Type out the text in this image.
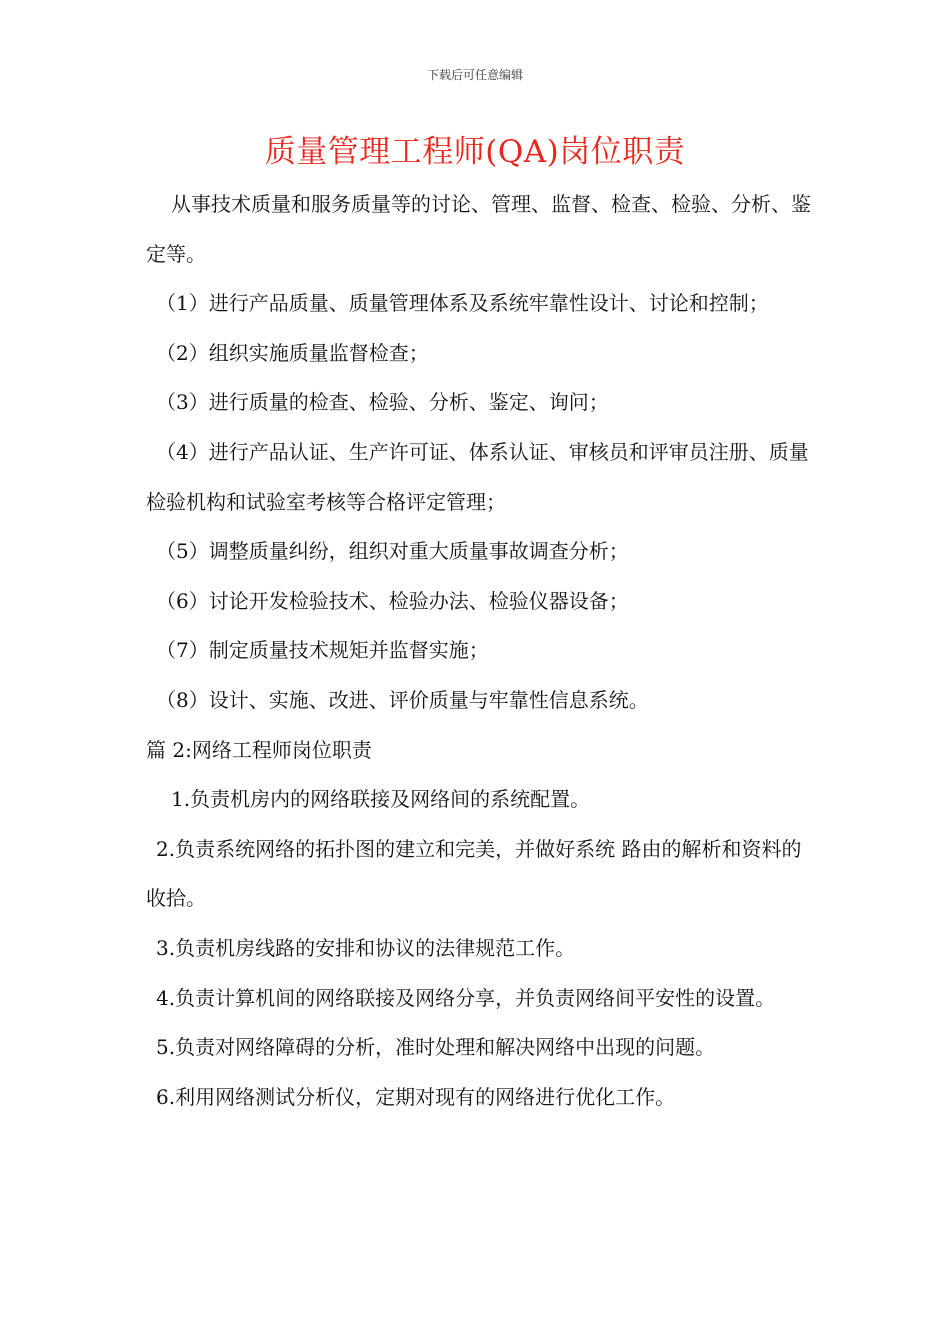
下载后可任意编辑
质量管理工程师(QA)岗位职责

从事技术质量和服务质量等的讨论、管理、监督、检查、检验、分析、鉴定等。

（1）进行产品质量、质量管理体系及系统牢靠性设计、讨论和控制；

（2）组织实施质量监督检查；

（3）进行质量的检查、检验、分析、鉴定、询问；

（4）进行产品认证、生产许可证、体系认证、审核员和评审员注册、质量检验机构和试验室考核等合格评定管理；

（5）调整质量纠纷，组织对重大质量事故调查分析；

（6）讨论开发检验技术、检验办法、检验仪器设备；

（7）制定质量技术规矩并监督实施；

（8）设计、实施、改进、评价质量与牢靠性信息系统。

篇 2:网络工程师岗位职责

1.负责机房内的网络联接及网络间的系统配置。

2.负责系统网络的拓扑图的建立和完美，并做好系统 路由的解析和资料的收拾。

3.负责机房线路的安排和协议的法律规范工作。

4.负责计算机间的网络联接及网络分享，并负责网络间平安性的设置。

5.负责对网络障碍的分析，准时处理和解决网络中出现的问题。

6.利用网络测试分析仪，定期对现有的网络进行优化工作。
